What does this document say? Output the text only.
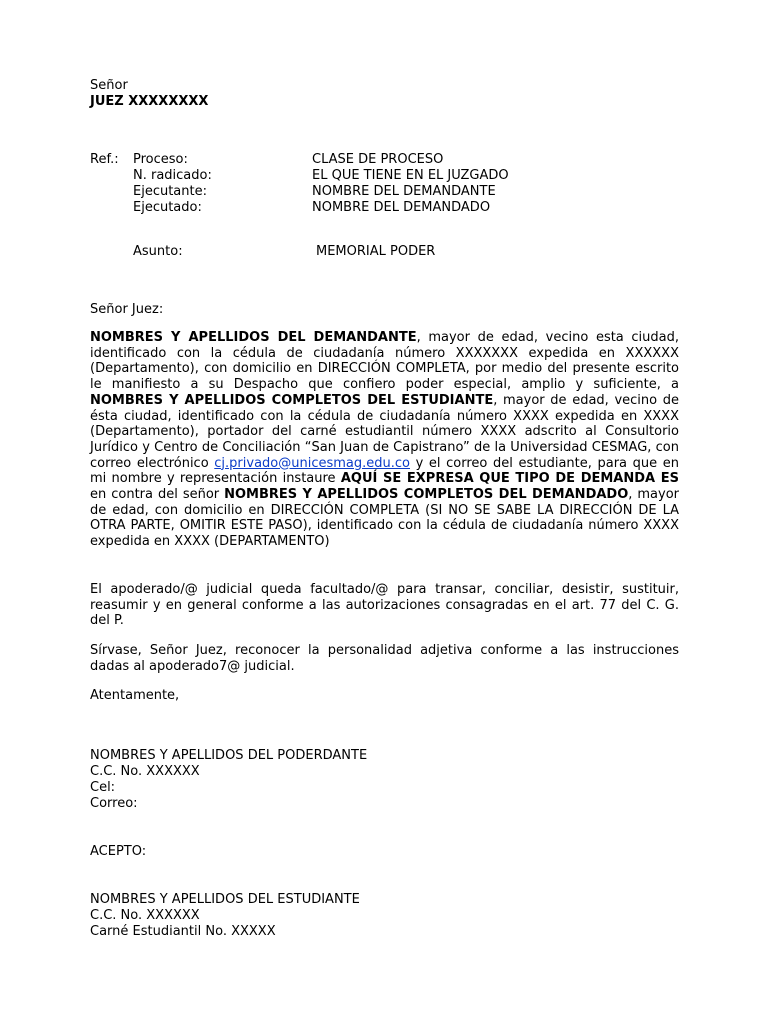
Señor
JUEZ XXXXXXXX
Ref.: Proceso:	CLASE DE PROCESO
N. radicado:	EL QUE TIENE EN EL JUZGADO
Ejecutante:	NOMBRE DEL DEMANDANTE
Ejecutado:	NOMBRE DEL DEMANDADO
Asunto:	MEMORIAL PODER
Señor Juez:

NOMBRES Y APELLIDOS DEL DEMANDANTE, mayor de edad, vecino esta ciudad, identificado con la cédula de ciudadanía número XXXXXXX expedida en XXXXXX (Departamento), con domicilio en DIRECCIÓN COMPLETA, por medio del presente escrito le manifiesto a su Despacho que confiero poder especial, amplio y suficiente, a NOMBRES Y APELLIDOS COMPLETOS DEL ESTUDIANTE, mayor de edad, vecino de ésta ciudad, identificado con la cédula de ciudadanía número XXXX expedida en XXXX (Departamento), portador del carné estudiantil número XXXX adscrito al Consultorio Jurídico y Centro de Conciliación “San Juan de Capistrano” de la Universidad CESMAG, con correo electrónico cj.privado@unicesmag.edu.co y el correo del estudiante, para que en mi nombre y representación instaure AQUÍ SE EXPRESA QUE TIPO DE DEMANDA ES en contra del señor NOMBRES Y APELLIDOS COMPLETOS DEL DEMANDADO, mayor de edad, con domicilio en DIRECCIÓN COMPLETA (SI NO SE SABE LA DIRECCIÓN DE LA OTRA PARTE, OMITIR ESTE PASO), identificado con la cédula de ciudadanía número XXXX expedida en XXXX (DEPARTAMENTO)

El apoderado/@ judicial queda facultado/@ para transar, conciliar, desistir, sustituir, reasumir y en general conforme a las autorizaciones consagradas en el art. 77 del C. G. del P.

Sírvase, Señor Juez, reconocer la personalidad adjetiva conforme a las instrucciones dadas al apoderado7@ judicial.

Atentamente,
NOMBRES Y APELLIDOS DEL PODERDANTE
C.C. No. XXXXXX
Cel:
Correo:
ACEPTO:
NOMBRES Y APELLIDOS DEL ESTUDIANTE
C.C. No. XXXXXX
Carné Estudiantil No. XXXXX
